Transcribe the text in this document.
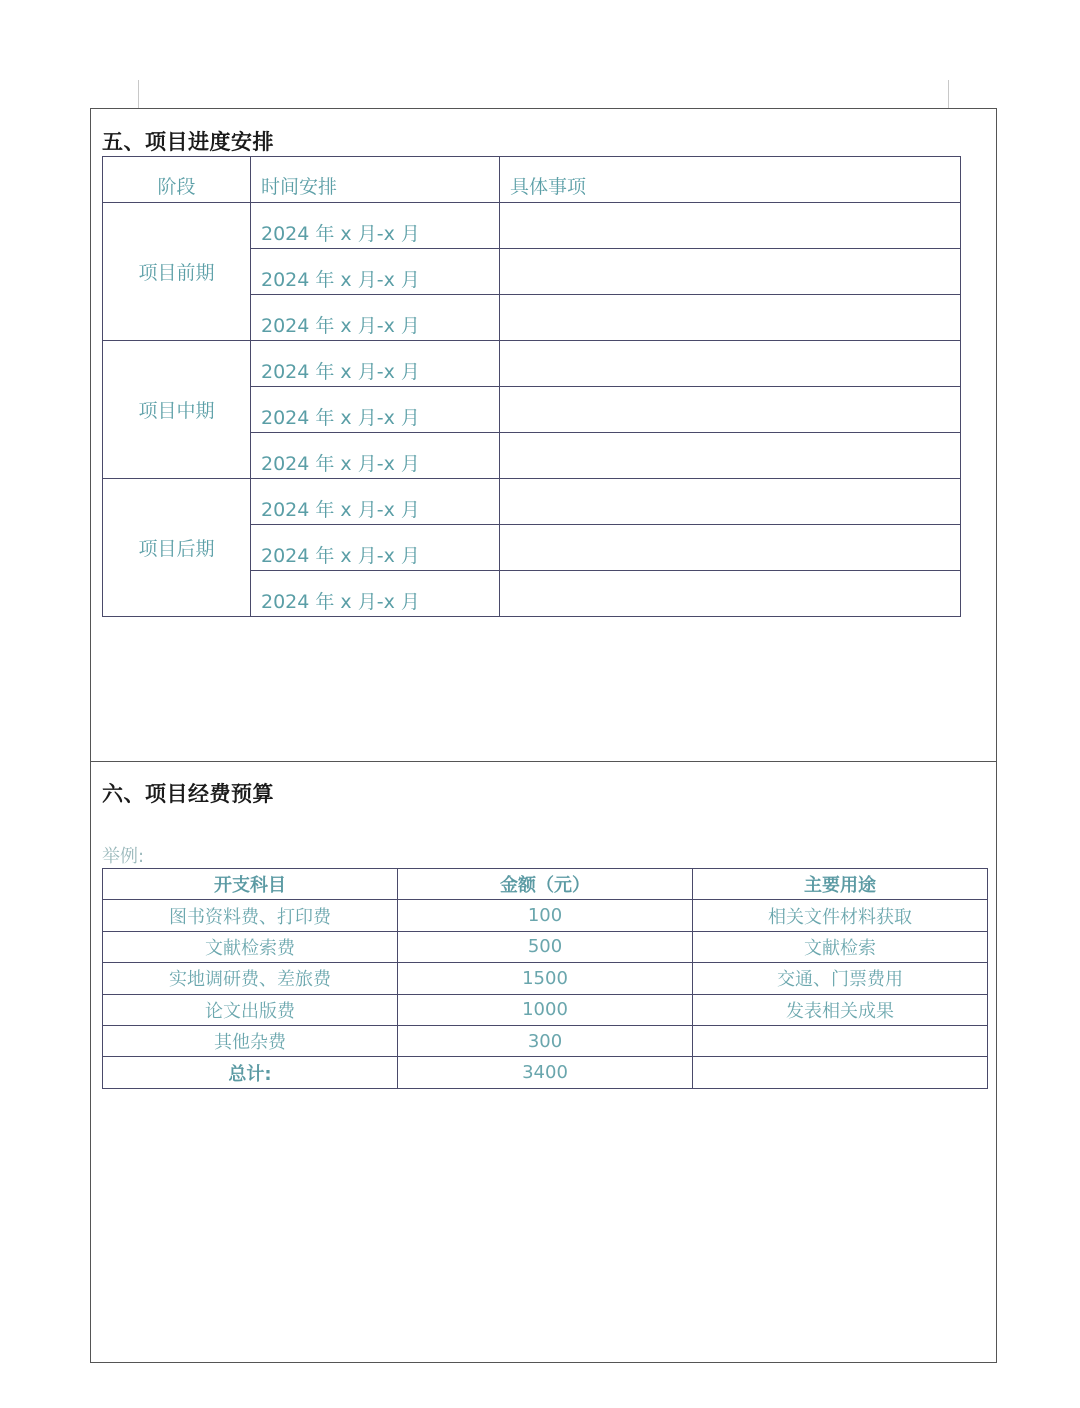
五、项目进度安排
阶段	时间安排	具体事项
项目前期	2024 年 x 月-x 月	
	2024 年 x 月-x 月	
	2024 年 x 月-x 月	
项目中期	2024 年 x 月-x 月	
	2024 年 x 月-x 月	
	2024 年 x 月-x 月	
项目后期	2024 年 x 月-x 月	
	2024 年 x 月-x 月	
	2024 年 x 月-x 月	
六、项目经费预算
举例:
开支科目	金额（元）	主要用途
图书资料费、打印费	100	相关文件材料获取
文献检索费	500	文献检索
实地调研费、差旅费	1500	交通、门票费用
论文出版费	1000	发表相关成果
其他杂费	300	
总计:	3400	
